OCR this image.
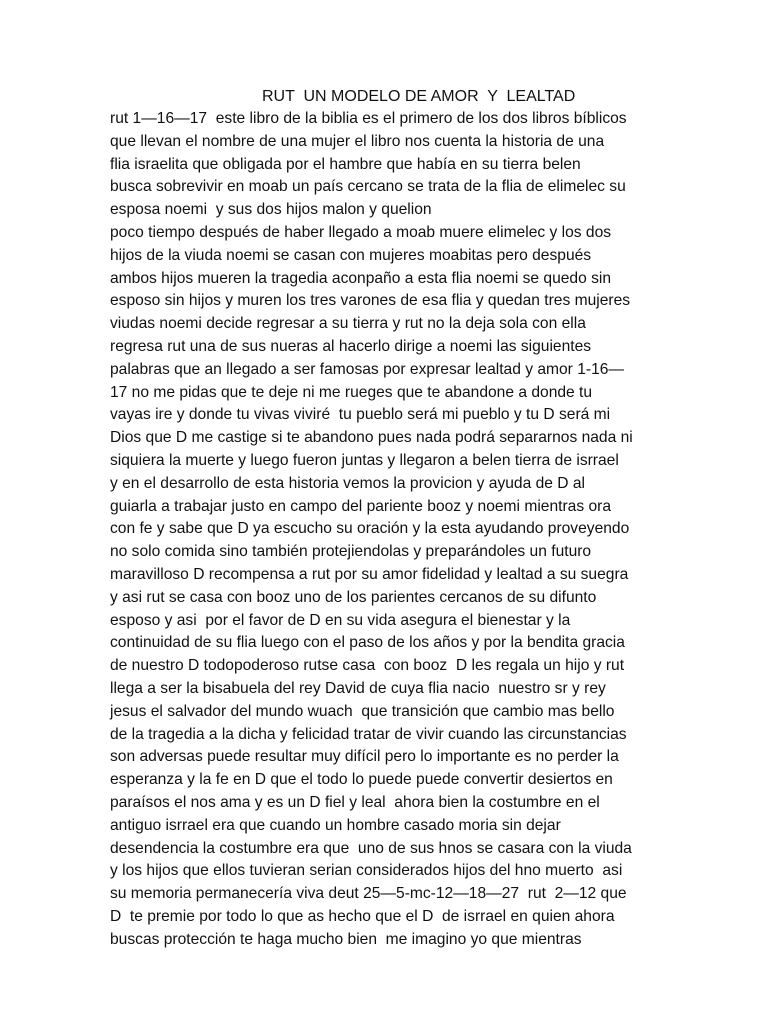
RUT  UN MODELO DE AMOR  Y  LEALTAD
rut 1—16—17  este libro de la biblia es el primero de los dos libros bíblicos
que llevan el nombre de una mujer el libro nos cuenta la historia de una
flia israelita que obligada por el hambre que había en su tierra belen
busca sobrevivir en moab un país cercano se trata de la flia de elimelec su
esposa noemi  y sus dos hijos malon y quelion
poco tiempo después de haber llegado a moab muere elimelec y los dos
hijos de la viuda noemi se casan con mujeres moabitas pero después
ambos hijos mueren la tragedia aconpaño a esta flia noemi se quedo sin
esposo sin hijos y muren los tres varones de esa flia y quedan tres mujeres
viudas noemi decide regresar a su tierra y rut no la deja sola con ella
regresa rut una de sus nueras al hacerlo dirige a noemi las siguientes
palabras que an llegado a ser famosas por expresar lealtad y amor 1-16—
17 no me pidas que te deje ni me rueges que te abandone a donde tu
vayas ire y donde tu vivas viviré  tu pueblo será mi pueblo y tu D será mi
Dios que D me castige si te abandono pues nada podrá separarnos nada ni
siquiera la muerte y luego fueron juntas y llegaron a belen tierra de isrrael
y en el desarrollo de esta historia vemos la provicion y ayuda de D al
guiarla a trabajar justo en campo del pariente booz y noemi mientras ora
con fe y sabe que D ya escucho su oración y la esta ayudando proveyendo
no solo comida sino también protejiendolas y preparándoles un futuro
maravilloso D recompensa a rut por su amor fidelidad y lealtad a su suegra
y asi rut se casa con booz uno de los parientes cercanos de su difunto
esposo y asi  por el favor de D en su vida asegura el bienestar y la
continuidad de su flia luego con el paso de los años y por la bendita gracia
de nuestro D todopoderoso rutse casa  con booz  D les regala un hijo y rut
llega a ser la bisabuela del rey David de cuya flia nacio  nuestro sr y rey
jesus el salvador del mundo wuach  que transición que cambio mas bello
de la tragedia a la dicha y felicidad tratar de vivir cuando las circunstancias
son adversas puede resultar muy difícil pero lo importante es no perder la
esperanza y la fe en D que el todo lo puede puede convertir desiertos en
paraísos el nos ama y es un D fiel y leal  ahora bien la costumbre en el
antiguo isrrael era que cuando un hombre casado moria sin dejar
desendencia la costumbre era que  uno de sus hnos se casara con la viuda
y los hijos que ellos tuvieran serian considerados hijos del hno muerto  asi
su memoria permanecería viva deut 25—5-mc-12—18—27  rut  2—12 que
D  te premie por todo lo que as hecho que el D  de isrrael en quien ahora
buscas protección te haga mucho bien  me imagino yo que mientras
